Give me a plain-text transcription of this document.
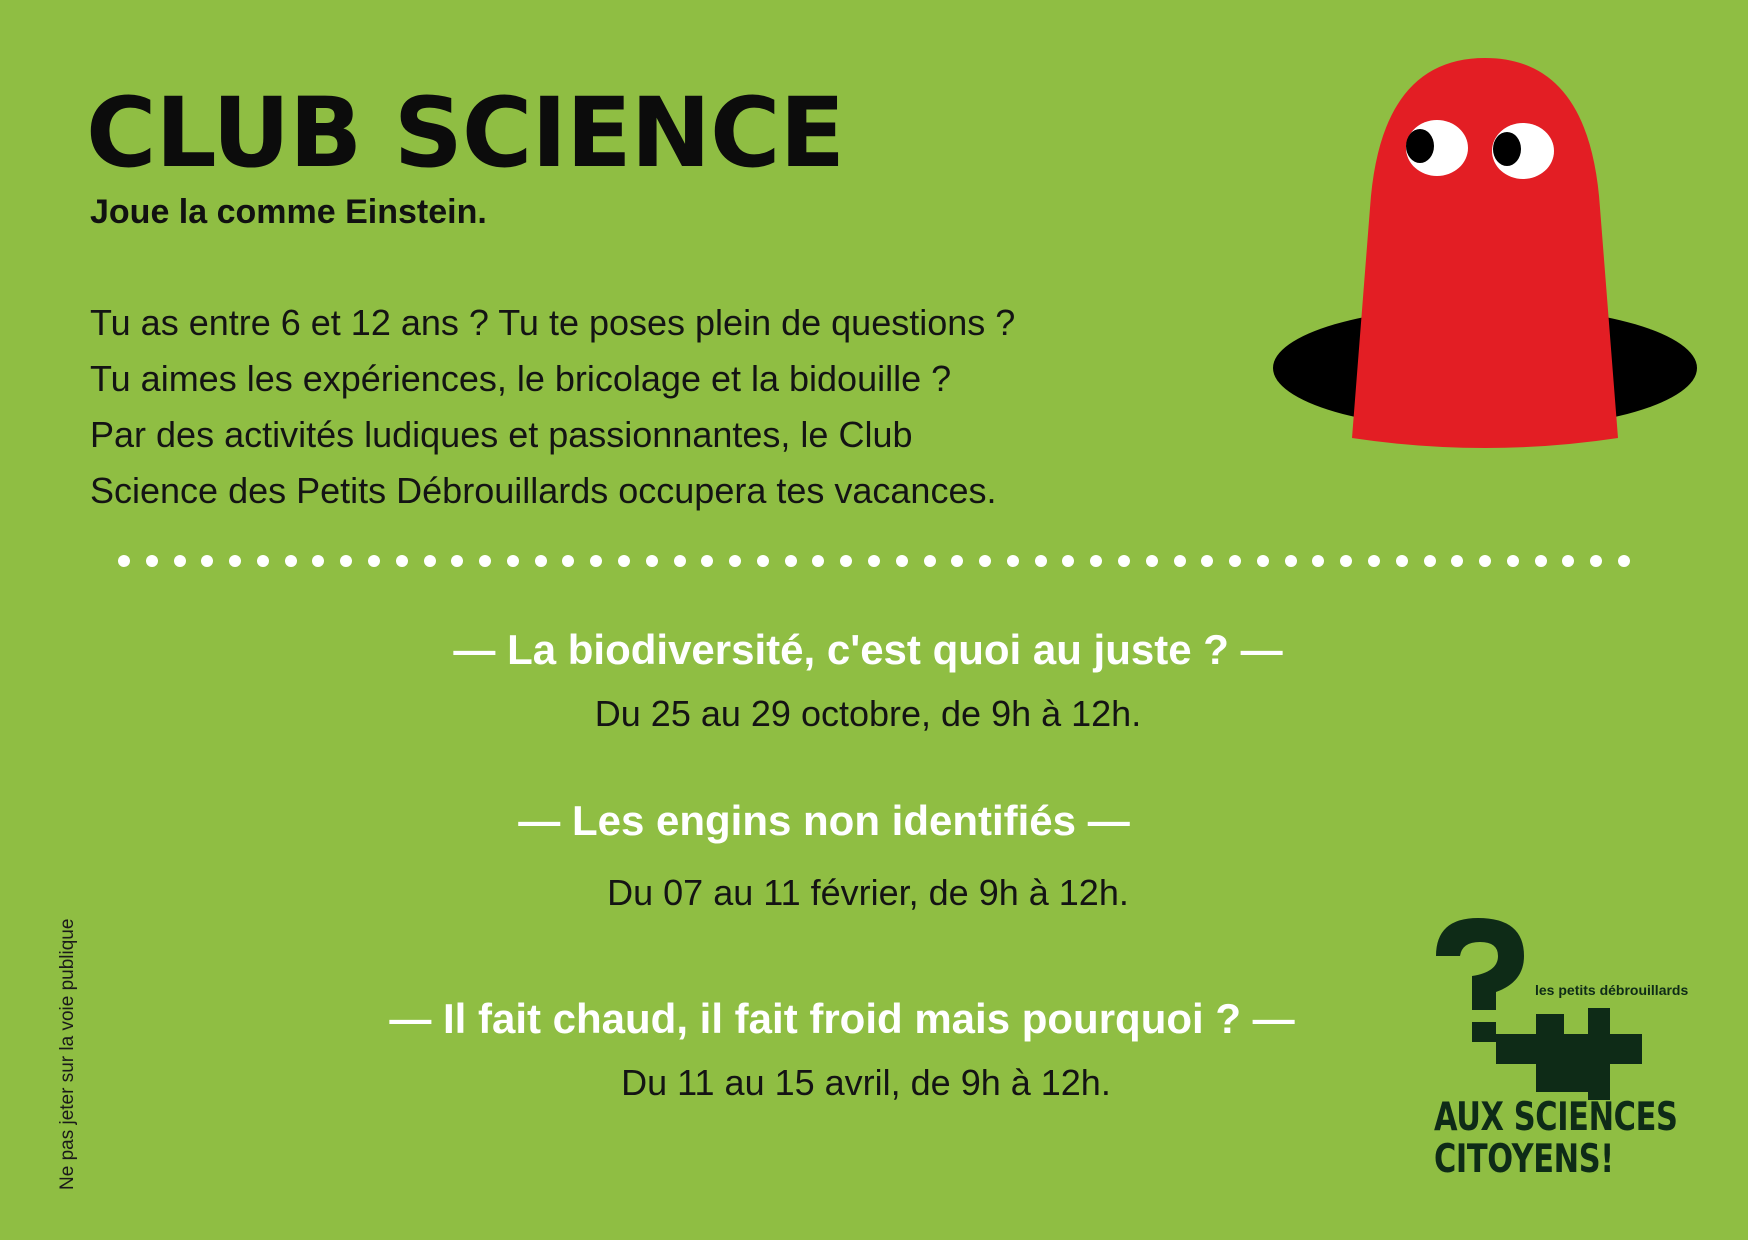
CLUB SCIENCE

Joue la comme Einstein.

Tu as entre 6 et 12 ans ? Tu te poses plein de questions ?
Tu aimes les expériences, le bricolage et la bidouille ?
Par des activités ludiques et passionnantes, le Club
Science des Petits Débrouillards occupera tes vacances.
— La biodiversité, c'est quoi au juste ? —
Du 25 au 29 octobre, de 9h à 12h.
— Les engins non identifiés —
Du 07 au 11 février, de 9h à 12h.
— Il fait chaud, il fait froid mais pourquoi ? —
Du 11 au 15 avril, de 9h à 12h.
Ne pas jeter sur la voie publique	les petits débrouillards
AUX SCIENCES
CITOYENS!
